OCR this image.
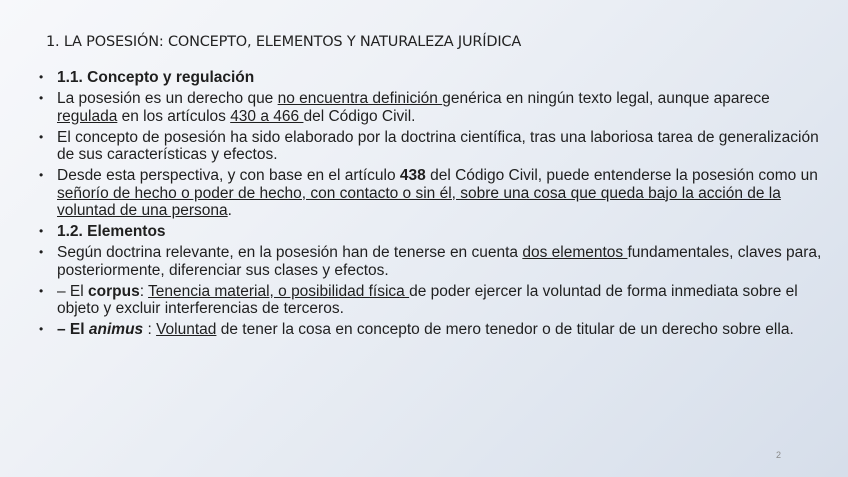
1. LA POSESIÓN: CONCEPTO, ELEMENTOS Y NATURALEZA JURÍDICA
• 1.1. Concepto y regulación
• La posesión es un derecho que no encuentra definición genérica en ningún texto legal, aunque aparece regulada en los artículos 430 a 466 del Código Civil.
• El concepto de posesión ha sido elaborado por la doctrina científica, tras una laboriosa tarea de generalización de sus características y efectos.
• Desde esta perspectiva, y con base en el artículo 438 del Código Civil, puede entenderse la posesión como un señorío de hecho o poder de hecho, con contacto o sin él, sobre una cosa que queda bajo la acción de la voluntad de una persona.
• 1.2. Elementos
• Según doctrina relevante, en la posesión han de tenerse en cuenta dos elementos fundamentales, claves para, posteriormente, diferenciar sus clases y efectos.
• – El corpus: Tenencia material, o posibilidad física de poder ejercer la voluntad de forma inmediata sobre el objeto y excluir interferencias de terceros.
• – El animus : Voluntad de tener la cosa en concepto de mero tenedor o de titular de un derecho sobre ella.
2
